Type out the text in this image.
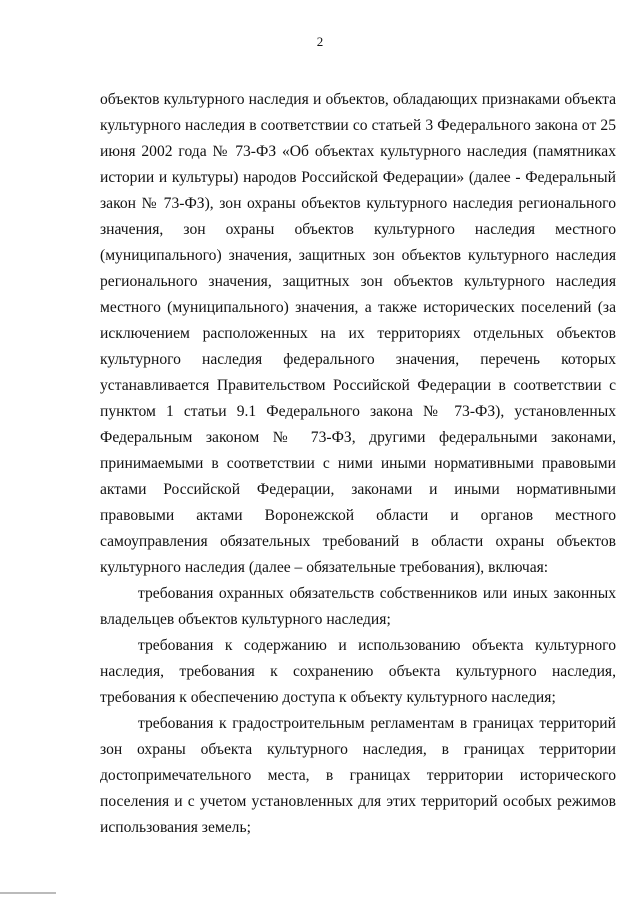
2

объектов культурного наследия и объектов, обладающих признаками объекта культурного наследия в соответствии со статьей 3 Федерального закона от 25 июня 2002 года № 73-ФЗ «Об объектах культурного наследия (памятниках истории и культуры) народов Российской Федерации» (далее - Федеральный закон № 73-ФЗ), зон охраны объектов культурного наследия регионального значения, зон охраны объектов культурного наследия местного (муниципального) значения, защитных зон объектов культурного наследия регионального значения, защитных зон объектов культурного наследия местного (муниципального) значения, а также исторических поселений (за исключением расположенных на их территориях отдельных объектов культурного наследия федерального значения, перечень которых устанавливается Правительством Российской Федерации в соответствии с пунктом 1 статьи 9.1 Федерального закона № 73-ФЗ), установленных Федеральным законом № 73-ФЗ, другими федеральными законами, принимаемыми в соответствии с ними иными нормативными правовыми актами Российской Федерации, законами и иными нормативными правовыми актами Воронежской области и органов местного самоуправления обязательных требований в области охраны объектов культурного наследия (далее – обязательные требования), включая:

требования охранных обязательств собственников или иных законных владельцев объектов культурного наследия;

требования к содержанию и использованию объекта культурного наследия, требования к сохранению объекта культурного наследия, требования к обеспечению доступа к объекту культурного наследия;

требования к градостроительным регламентам в границах территорий зон охраны объекта культурного наследия, в границах территории достопримечательного места, в границах территории исторического поселения и с учетом установленных для этих территорий особых режимов использования земель;
